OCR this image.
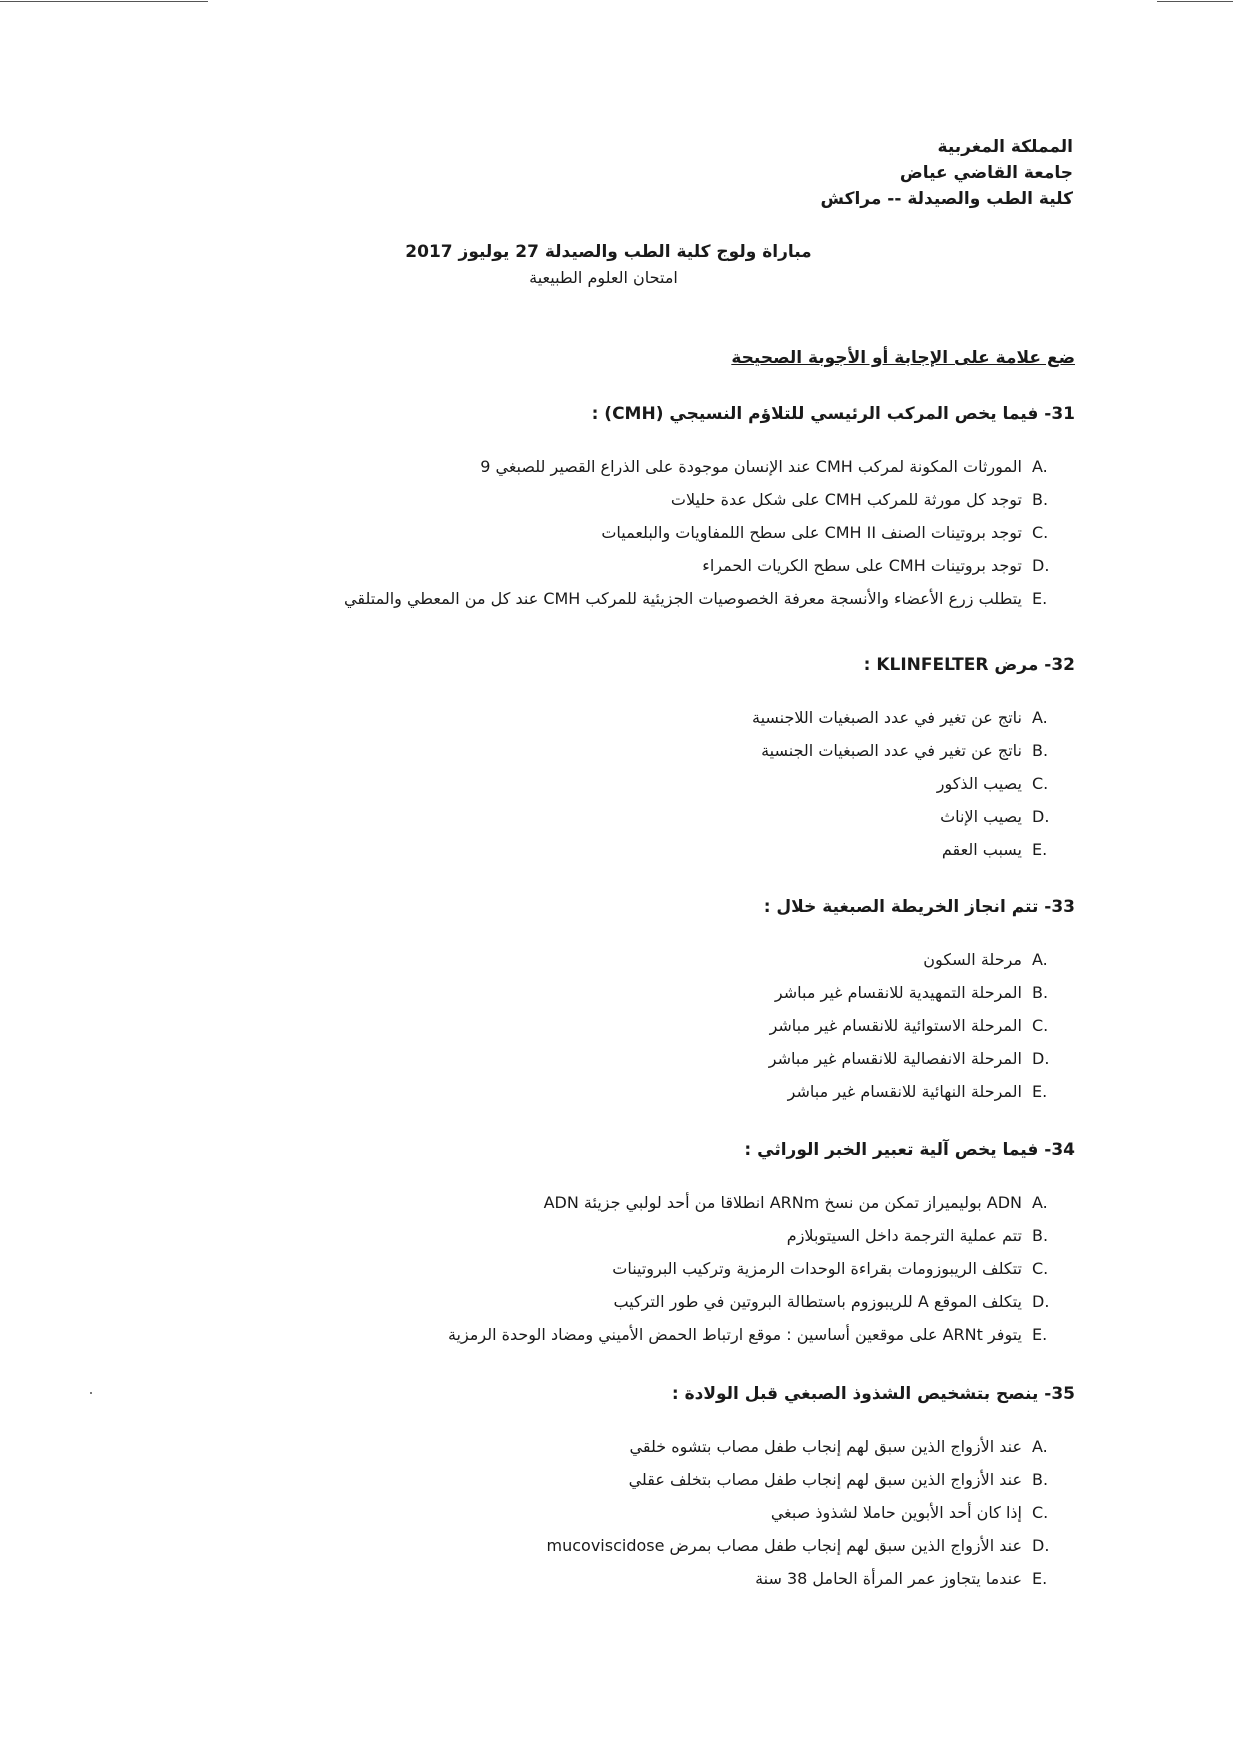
المملكة المغربية
جامعة القاضي عياض
كلية الطب والصيدلة -- مراكش
مباراة ولوج كلية الطب والصيدلة 27 يوليوز 2017
امتحان العلوم الطبيعية
ضع علامة على الإجابة أو الأجوبة الصحيحة
31- فيما يخص المركب الرئيسي للتلاؤم النسيجي (CMH) :
A.
المورثات المكونة لمركب CMH عند الإنسان موجودة على الذراع القصير للصبغي 9
B.
توجد كل مورثة للمركب CMH على شكل عدة حليلات
C.
توجد بروتينات الصنف CMH II على سطح اللمفاويات والبلعميات
D.
توجد بروتينات CMH على سطح الكريات الحمراء
E.
يتطلب زرع الأعضاء والأنسجة معرفة الخصوصيات الجزيئية للمركب CMH عند كل من المعطي والمتلقي
32- مرض KLINFELTER :
A.
ناتج عن تغير في عدد الصبغيات اللاجنسية
B.
ناتج عن تغير في عدد الصبغيات الجنسية
C.
يصيب الذكور
D.
يصيب الإناث
E.
يسبب العقم
33- تتم انجاز الخريطة الصبغية خلال :
A.
مرحلة السكون
B.
المرحلة التمهيدية للانقسام غير مباشر
C.
المرحلة الاستوائية للانقسام غير مباشر
D.
المرحلة الانفصالية للانقسام غير مباشر
E.
المرحلة النهائية للانقسام غير مباشر
34- فيما يخص آلية تعبير الخبر الوراثي :
A.
ADN بوليميراز تمكن من نسخ ARNm انطلاقا من أحد لولبي جزيئة ADN
B.
تتم عملية الترجمة داخل السيتوبلازم
C.
تتكلف الريبوزومات بقراءة الوحدات الرمزية وتركيب البروتينات
D.
يتكلف الموقع A للريبوزوم باستطالة البروتين في طور التركيب
E.
يتوفر ARNt على موقعين أساسين : موقع ارتباط الحمض الأميني ومضاد الوحدة الرمزية
35- ينصح بتشخيص الشذوذ الصبغي قبل الولادة :
A.
عند الأزواج الذين سبق لهم إنجاب طفل مصاب بتشوه خلقي
B.
عند الأزواج الذين سبق لهم إنجاب طفل مصاب بتخلف عقلي
C.
إذا كان أحد الأبوين حاملا لشذوذ صبغي
D.
عند الأزواج الذين سبق لهم إنجاب طفل مصاب بمرض mucoviscidose
E.
عندما يتجاوز عمر المرأة الحامل 38 سنة
